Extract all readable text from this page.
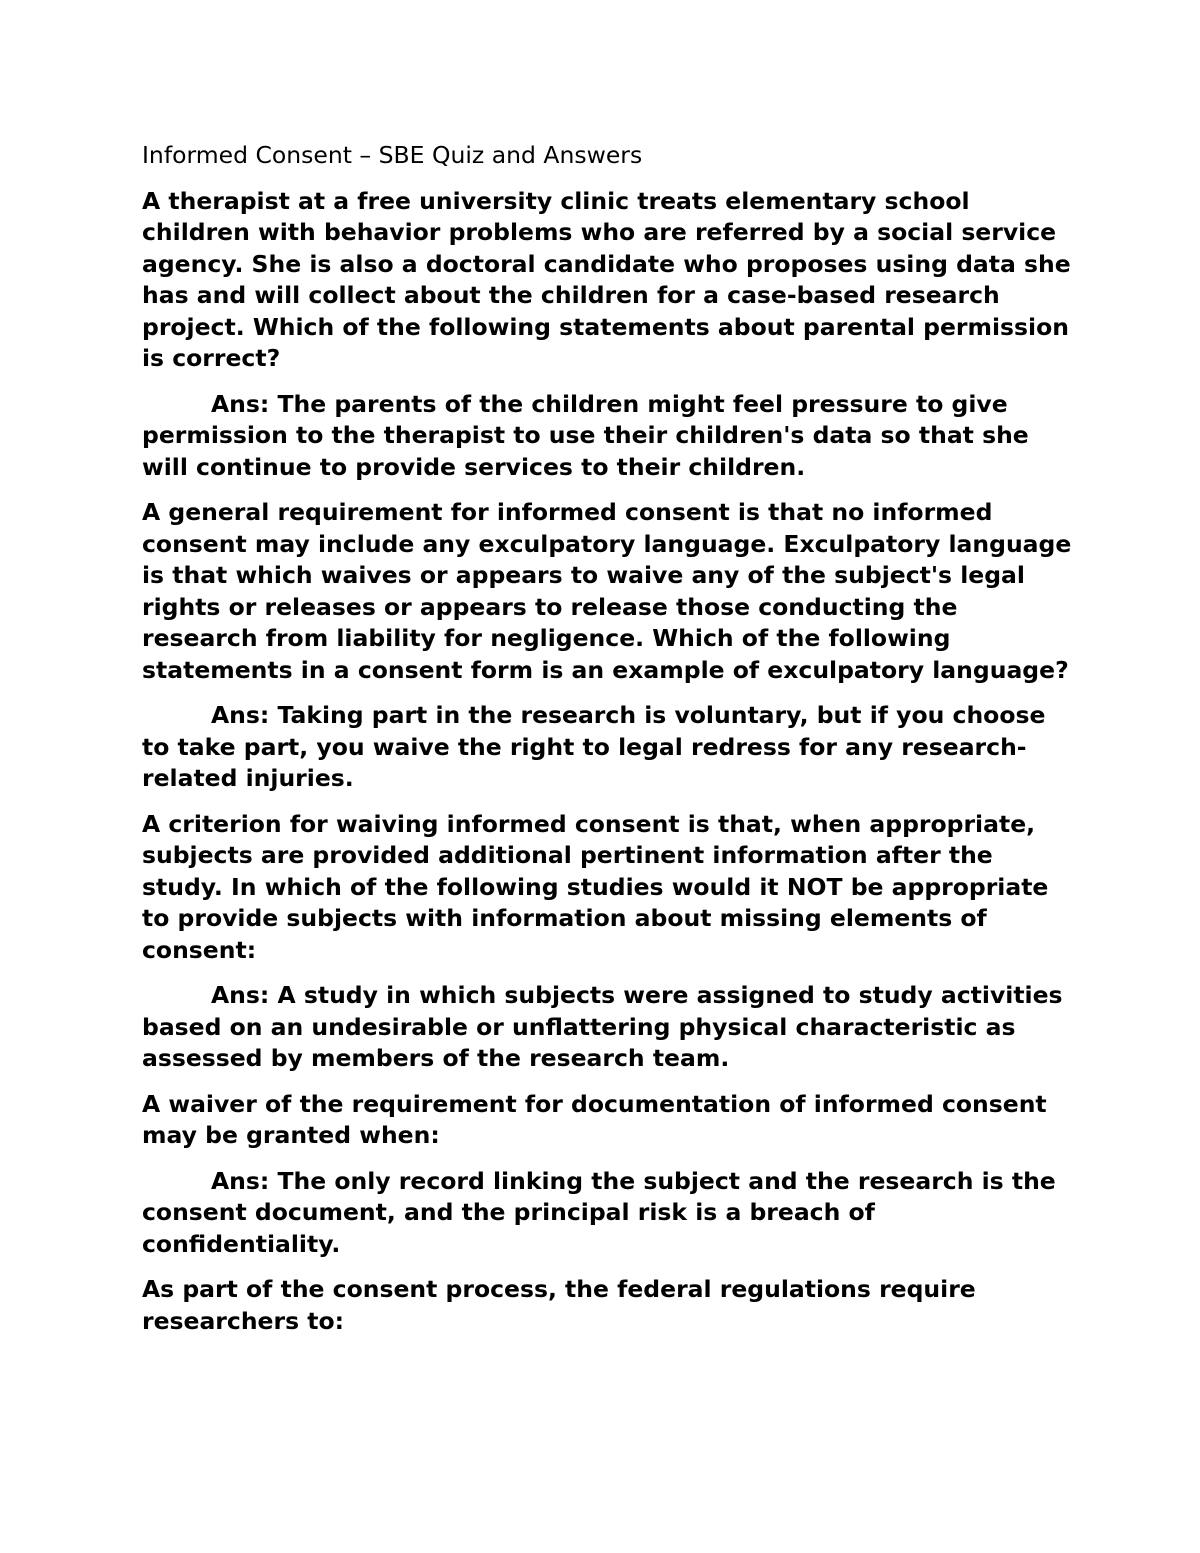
Informed Consent – SBE Quiz and Answers

A therapist at a free university clinic treats elementary school children with behavior problems who are referred by a social service agency. She is also a doctoral candidate who proposes using data she has and will collect about the children for a case-based research project. Which of the following statements about parental permission is correct?

Ans: The parents of the children might feel pressure to give permission to the therapist to use their children's data so that she will continue to provide services to their children.

A general requirement for informed consent is that no informed consent may include any exculpatory language. Exculpatory language is that which waives or appears to waive any of the subject's legal rights or releases or appears to release those conducting the research from liability for negligence. Which of the following statements in a consent form is an example of exculpatory language?

Ans: Taking part in the research is voluntary, but if you choose to take part, you waive the right to legal redress for any research-related injuries.

A criterion for waiving informed consent is that, when appropriate, subjects are provided additional pertinent information after the study. In which of the following studies would it NOT be appropriate to provide subjects with information about missing elements of consent:

Ans: A study in which subjects were assigned to study activities based on an undesirable or unflattering physical characteristic as assessed by members of the research team.

A waiver of the requirement for documentation of informed consent may be granted when:

Ans: The only record linking the subject and the research is the consent document, and the principal risk is a breach of confidentiality.

As part of the consent process, the federal regulations require researchers to:
